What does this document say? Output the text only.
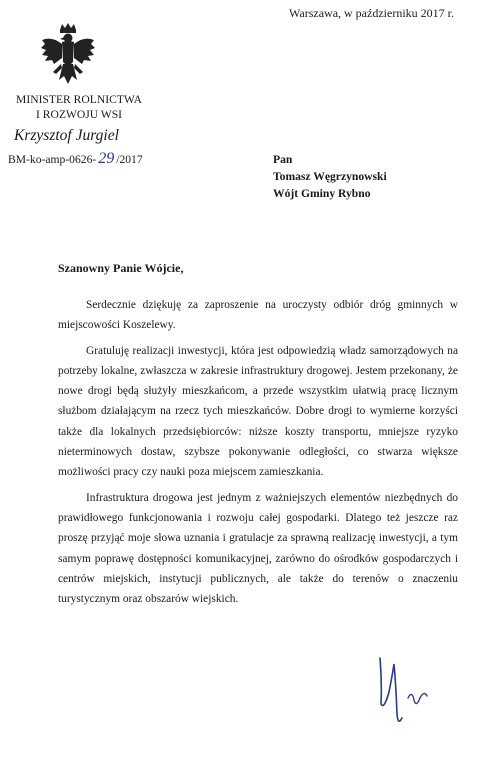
Warszawa, w październiku 2017 r.
MINISTER ROLNICTWA
I ROZWOJU WSI
Krzysztof Jurgiel
BM-ko-amp-0626- 29 /2017	Pan
Tomasz Węgrzynowski
Wójt Gminy Rybno
Szanowny Panie Wójcie,

Serdecznie dziękuję za zaproszenie na uroczysty odbiór dróg gminnych w miejscowości Koszelewy.

Gratuluję realizacji inwestycji, która jest odpowiedzią władz samorządowych na potrzeby lokalne, zwłaszcza w zakresie infrastruktury drogowej. Jestem przekonany, że nowe drogi będą służyły mieszkańcom, a przede wszystkim ułatwią pracę licznym służbom działającym na rzecz tych mieszkańców. Dobre drogi to wymierne korzyści także dla lokalnych przedsiębiorców: niższe koszty transportu, mniejsze ryzyko nieterminowych dostaw, szybsze pokonywanie odległości, co stwarza większe możliwości pracy czy nauki poza miejscem zamieszkania.

Infrastruktura drogowa jest jednym z ważniejszych elementów niezbędnych do prawidłowego funkcjonowania i rozwoju całej gospodarki. Dlatego też jeszcze raz proszę przyjąć moje słowa uznania i gratulacje za sprawną realizację inwestycji, a tym samym poprawę dostępności komunikacyjnej, zarówno do ośrodków gospodarczych i centrów miejskich, instytucji publicznych, ale także do terenów o znaczeniu turystycznym oraz obszarów wiejskich.
